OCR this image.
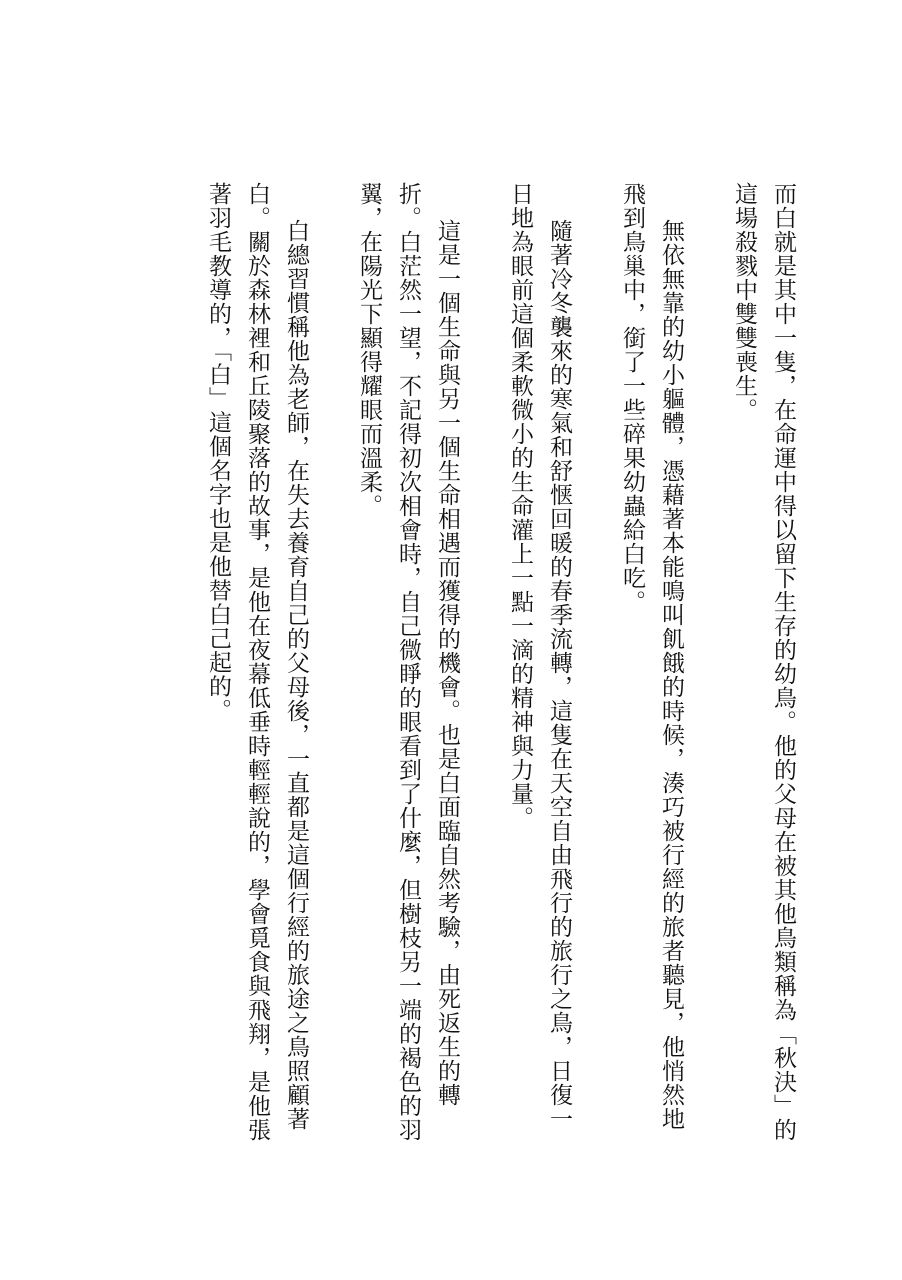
而白就是其中一隻，在命運中得以留下生存的幼鳥。他的父母在被其他鳥類稱為「秋決」的這場殺戮中雙雙喪生。

無依無靠的幼小軀體，憑藉著本能鳴叫飢餓的時候，湊巧被行經的旅者聽見，他悄然地飛到鳥巢中，銜了一些碎果幼蟲給白吃。

隨著冷冬襲來的寒氣和舒惬回暖的春季流轉，這隻在天空自由飛行的旅行之鳥，日復一日地為眼前這個柔軟微小的生命灌上一點一滴的精神與力量。

這是一個生命與另一個生命相遇而獲得的機會。也是白面臨自然考驗，由死返生的轉折。白茫然一望，不記得初次相會時，自己微睜的眼看到了什麼，但樹枝另一端的褐色的羽翼，在陽光下顯得耀眼而溫柔。

白總習慣稱他為老師，在失去養育自己的父母後，一直都是這個行經的旅途之鳥照顧著白。關於森林裡和丘陵聚落的故事，是他在夜幕低垂時輕輕說的，學會覓食與飛翔，是他張著羽毛教導的，「白」這個名字也是他替白己起的。
